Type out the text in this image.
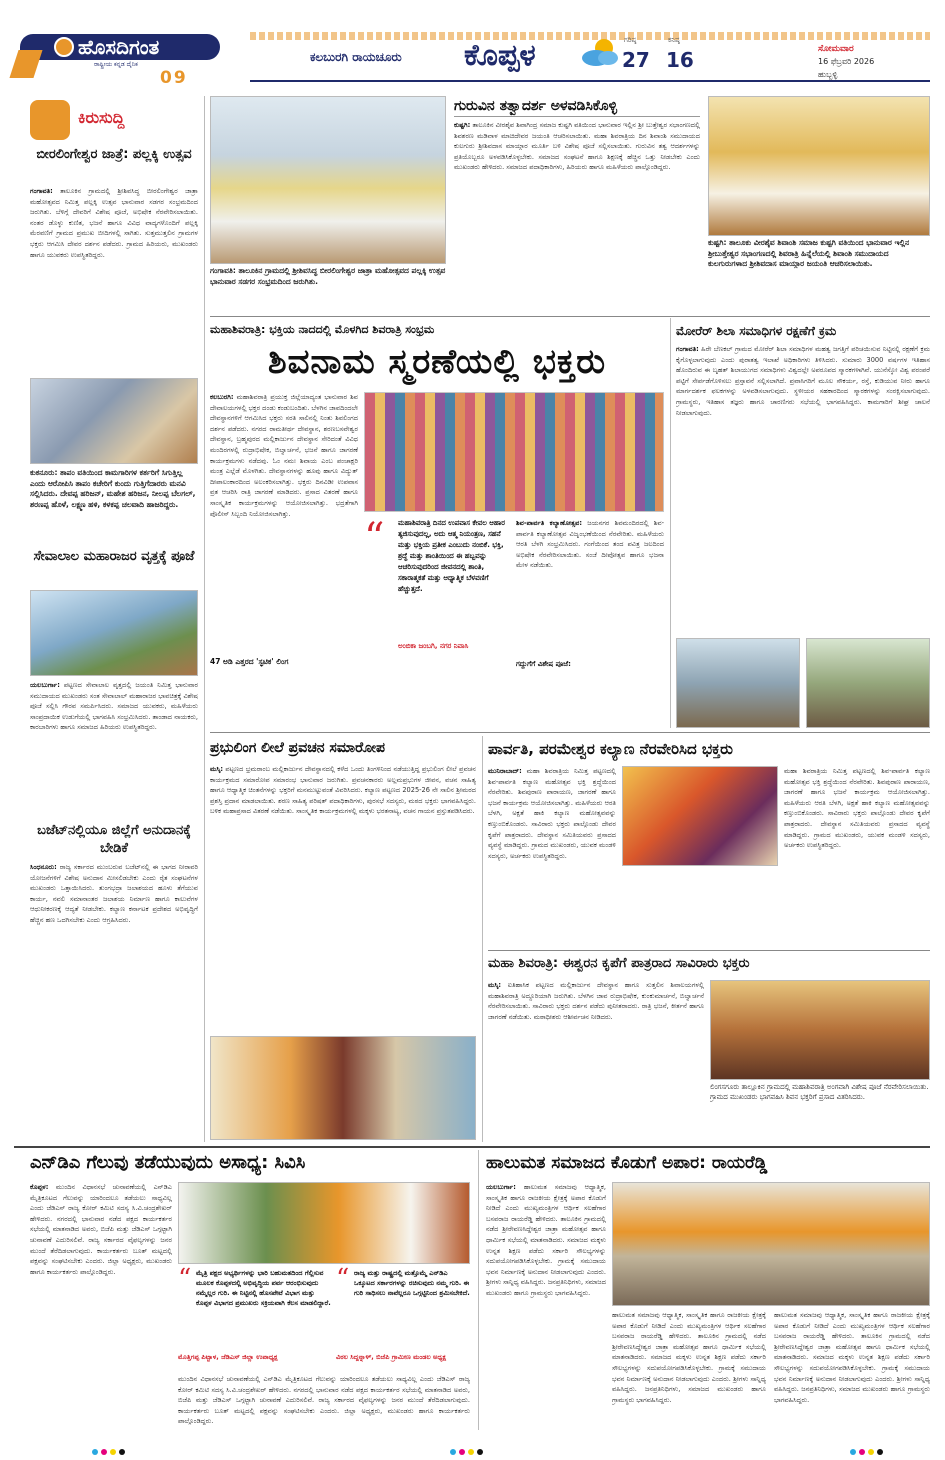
ಹೊಸದಿಗಂತ
ರಾಷ್ಟ್ರೀಯ ಕನ್ನಡ ದೈನಿಕ
09
ಕಲಬುರಗಿ ರಾಯಚೂರು	ಕೊಪ್ಪಳ	ಗರಿಷ್ಠ
27
ಕನಿಷ್ಠ
16	ಸೋಮವಾರ
16 ಫೆಬ್ರವರಿ 2026
ಹುಬ್ಬಳ್ಳಿ
ಕಿರುಸುದ್ದಿ
ಬೀರಲಿಂಗೇಶ್ವರ ಜಾತ್ರೆ: ಪಲ್ಲಕ್ಕಿ ಉತ್ಸವ
ಗಂಗಾವತಿ: ತಾಲೂಕಿನ ಗ್ರಾಮದಲ್ಲಿ ಶ್ರೀಶಿವಸಿದ್ಧ ಬೀರಲಿಂಗೇಶ್ವರ ಜಾತ್ರಾ ಮಹೋತ್ಸವದ ನಿಮಿತ್ತ ಪಲ್ಲಕ್ಕಿ ಉತ್ಸವ ಭಾನುವಾರ ಸಡಗರ ಸಂಭ್ರಮದಿಂದ ಜರುಗಿತು. ಬೆಳಿಗ್ಗೆ ದೇವರಿಗೆ ವಿಶೇಷ ಪೂಜೆ, ಅಭಿಷೇಕ ನೆರವೇರಿಸಲಾಯಿತು. ನಂತರ ಡೊಳ್ಳು ಕುಣಿತ, ಭಜನೆ ಹಾಗೂ ವಿವಿಧ ವಾದ್ಯಗಳೊಂದಿಗೆ ಪಲ್ಲಕ್ಕಿ ಮೆರವಣಿಗೆ ಗ್ರಾಮದ ಪ್ರಮುಖ ಬೀದಿಗಳಲ್ಲಿ ಸಾಗಿತು. ಸುತ್ತಮುತ್ತಲಿನ ಗ್ರಾಮಗಳ ಭಕ್ತರು ಆಗಮಿಸಿ ದೇವರ ದರ್ಶನ ಪಡೆದರು. ಗ್ರಾಮದ ಹಿರಿಯರು, ಮುಖಂಡರು ಹಾಗೂ ಯುವಕರು ಉಪಸ್ಥಿತರಿದ್ದರು.
ಕುಕನೂರು: ತಾಪಂ ವತಿಯಿಂದ ಕಾಮಗಾರಿಗಳ ಕರ್ತರಿಗೆ ಸಿಗುತ್ತಿಲ್ಲ ಎಂದು ಆರೋಪಿಸಿ ತಾಪಂ ಕಚೇರಿಗೆ ಕುಂದು ಗುತ್ತಿಗೆದಾರರು ಮನವಿ ಸಲ್ಲಿಸಿದರು. ದೇವಪ್ಪ ಹರಿಜನ್, ಮಹೇಶ ಹರಿಜನ, ನೀಲಪ್ಪ ಬೆಲಗಲ್, ಶರಣಪ್ಪ ಹೊಳೆ, ಲಕ್ಷ್ಮಣ ಹಳಿ, ಕಳಕಪ್ಪ ಚಲವಾದಿ ಹಾಜರಿದ್ದರು.
ಸೇವಾಲಾಲ ಮಹಾರಾಜರ ವೃತ್ತಕ್ಕೆ ಪೂಜೆ
ಯಲಬುರ್ಗಾ: ಪಟ್ಟಣದ ಸೇವಾಲಾಲ ವೃತ್ತದಲ್ಲಿ ಜಯಂತಿ ನಿಮಿತ್ತ ಭಾನುವಾರ ಸಮುದಾಯದ ಮುಖಂಡರು ಸಂತ ಸೇವಾಲಾಲ್ ಮಹಾರಾಜರ ಭಾವಚಿತ್ರಕ್ಕೆ ವಿಶೇಷ ಪೂಜೆ ಸಲ್ಲಿಸಿ ಗೌರವ ಸಮರ್ಪಿಸಿದರು. ಸಮಾಜದ ಯುವಕರು, ಮಹಿಳೆಯರು ಸಾಂಪ್ರದಾಯಿಕ ಉಡುಗೆಯಲ್ಲಿ ಭಾಗವಹಿಸಿ ಸಂಭ್ರಮಿಸಿದರು. ತಾಂಡಾದ ನಾಯಕರು, ಕಾರಬಾರಿಗಳು ಹಾಗೂ ಸಮಾಜದ ಹಿರಿಯರು ಉಪಸ್ಥಿತರಿದ್ದರು.
ಬಜೆಟ್‌ನಲ್ಲಿಯೂ ಜಿಲ್ಲೆಗೆ ಅನುದಾನಕ್ಕೆ ಬೇಡಿಕೆ
ಸಿಂಧನೂರು: ರಾಜ್ಯ ಸರ್ಕಾರದ ಮುಂಬರುವ ಬಜೆಟ್‌ನಲ್ಲಿ ಈ ಭಾಗದ ನೀರಾವರಿ ಯೋಜನೆಗಳಿಗೆ ವಿಶೇಷ ಅನುದಾನ ಮೀಸಲಿಡಬೇಕು ಎಂದು ರೈತ ಸಂಘಟನೆಗಳ ಮುಖಂಡರು ಒತ್ತಾಯಿಸಿದರು. ತುಂಗಭದ್ರಾ ಜಲಾಶಯದ ಹೂಳು ತೆಗೆಯುವ ಕಾರ್ಯ, ನವಲಿ ಸಮಾನಾಂತರ ಜಲಾಶಯ ನಿರ್ಮಾಣ ಹಾಗೂ ಕಾಲುವೆಗಳ ಆಧುನೀಕರಣಕ್ಕೆ ಆದ್ಯತೆ ನೀಡಬೇಕು. ಕಲ್ಯಾಣ ಕರ್ನಾಟಕ ಪ್ರದೇಶದ ಅಭಿವೃದ್ಧಿಗೆ ಹೆಚ್ಚಿನ ಹಣ ಒದಗಿಸಬೇಕು ಎಂದು ಆಗ್ರಹಿಸಿದರು.
ಗಂಗಾವತಿ: ತಾಲೂಕಿನ ಗ್ರಾಮದಲ್ಲಿ ಶ್ರೀಶಿವಸಿದ್ಧ ಬೀರಲಿಂಗೇಶ್ವರ ಜಾತ್ರಾ ಮಹೋತ್ಸವದ ಪಲ್ಲಕ್ಕಿ ಉತ್ಸವ ಭಾನುವಾರ ಸಡಗರ ಸಂಭ್ರಮದಿಂದ ಜರುಗಿತು.
ಗುರುವಿನ ತತ್ವಾದರ್ಶ ಅಳವಡಿಸಿಕೊಳ್ಳಿ
ಕುಷ್ಟಗಿ: ತಾಲೂಕಿನ ವೀರಶೈವ ಶಿವಾಗಿಂದ್ರ ಸಮಾಜ ಕುಷ್ಟಗಿ ವತಿಯಿಂದ ಭಾನುವಾರ ಇಲ್ಲಿನ ಶ್ರೀ ಬುತ್ತೇಶ್ವರ ಸಭಾಂಗಣದಲ್ಲಿ ಶಿವಶರಣ ಮಡಿವಾಳ ಮಾಚಿದೇವರ ಜಯಂತಿ ಆಚರಿಸಲಾಯಿತು. ಮಹಾ ಶಿವರಾತ್ರಿಯ ದಿನ ಶಿವಾಂಶಿ ಸಮುದಾಯದ ಕುಲಗುರು ಶ್ರೀಶಿವದಾಸ ಮಾಯ್ಗಾರ ಮೂರ್ತಿ ಬಳಿ ವಿಶೇಷ ಪೂಜೆ ಸಲ್ಲಿಸಲಾಯಿತು. ಗುರುವಿನ ತತ್ವ ಆದರ್ಶಗಳನ್ನು ಪ್ರತಿಯೊಬ್ಬರೂ ಅಳವಡಿಸಿಕೊಳ್ಳಬೇಕು. ಸಮಾಜದ ಸಂಘಟನೆ ಹಾಗೂ ಶಿಕ್ಷಣಕ್ಕೆ ಹೆಚ್ಚಿನ ಒತ್ತು ನೀಡಬೇಕು ಎಂದು ಮುಖಂಡರು ಹೇಳಿದರು. ಸಮಾಜದ ಪದಾಧಿಕಾರಿಗಳು, ಹಿರಿಯರು ಹಾಗೂ ಮಹಿಳೆಯರು ಪಾಲ್ಗೊಂಡಿದ್ದರು.
ಕುಷ್ಟಗಿ: ತಾಲೂಕು ವೀರಶೈವ ಶಿವಾಂಶಿ ಸಮಾಜ ಕುಷ್ಟಗಿ ವತಿಯಿಂದ ಭಾನುವಾರ ಇಲ್ಲಿನ ಶ್ರೀಬುತ್ತೇಶ್ವರ ಸಭಾಂಗಣದಲ್ಲಿ ಶಿವರಾತ್ರಿ ಹಿನ್ನೆಲೆಯಲ್ಲಿ ಶಿವಾಂಶಿ ಸಮುದಾಯದ ಕುಲಗುರುಗಳಾದ ಶ್ರೀಶಿವದಾಸ ಮಾಯ್ಗಾರ ಜಯಂತಿ ಆಚರಿಸಲಾಯಿತು.
ಮಹಾಶಿವರಾತ್ರಿ: ಭಕ್ತಿಯ ನಾದದಲ್ಲಿ ಮೊಳಗಿದ ಶಿವರಾತ್ರಿ ಸಂಭ್ರಮ
ಶಿವನಾಮ ಸ್ಮರಣೆಯಲ್ಲಿ ಭಕ್ತರು
ಕಲಬುರಗಿ: ಮಹಾಶಿವರಾತ್ರಿ ಪ್ರಯುಕ್ತ ಜಿಲ್ಲೆಯಾದ್ಯಂತ ಭಾನುವಾರ ಶಿವ ದೇವಾಲಯಗಳಲ್ಲಿ ಭಕ್ತರ ದಂಡು ಕಂಡುಬಂದಿತು. ಬೆಳಗಿನ ಜಾವದಿಂದಲೇ ದೇವಸ್ಥಾನಗಳಿಗೆ ಆಗಮಿಸಿದ ಭಕ್ತರು ಸರತಿ ಸಾಲಿನಲ್ಲಿ ನಿಂತು ಶಿವಲಿಂಗದ ದರ್ಶನ ಪಡೆದರು. ನಗರದ ರಾಮತೀರ್ಥ ದೇವಸ್ಥಾನ, ಶರಣಬಸವೇಶ್ವರ ದೇವಸ್ಥಾನ, ಬ್ರಹ್ಮಪುರದ ಮಲ್ಲಿಕಾರ್ಜುನ ದೇವಸ್ಥಾನ ಸೇರಿದಂತೆ ವಿವಿಧ ಮಂದಿರಗಳಲ್ಲಿ ರುದ್ರಾಭಿಷೇಕ, ಬಿಲ್ವಾರ್ಚನೆ, ಭಜನೆ ಹಾಗೂ ಜಾಗರಣೆ ಕಾರ್ಯಕ್ರಮಗಳು ನಡೆದವು. ಓಂ ನಮಃ ಶಿವಾಯ ಎಂಬ ಪಂಚಾಕ್ಷರಿ ಮಂತ್ರ ಎಲ್ಲೆಡೆ ಮೊಳಗಿತು. ದೇವಸ್ಥಾನಗಳನ್ನು ಹೂವು ಹಾಗೂ ವಿದ್ಯುತ್ ದೀಪಾಲಂಕಾರದಿಂದ ಅಲಂಕರಿಸಲಾಗಿತ್ತು. ಭಕ್ತರು ದಿನವಿಡೀ ಉಪವಾಸ ವ್ರತ ಆಚರಿಸಿ ರಾತ್ರಿ ಜಾಗರಣೆ ಮಾಡಿದರು. ಪ್ರಸಾದ ವಿತರಣೆ ಹಾಗೂ ಸಾಂಸ್ಕೃತಿಕ ಕಾರ್ಯಕ್ರಮಗಳನ್ನು ಆಯೋಜಿಸಲಾಗಿತ್ತು. ಭದ್ರತೆಗಾಗಿ ಪೊಲೀಸ್ ಸಿಬ್ಬಂದಿ ನಿಯೋಜಿಸಲಾಗಿತ್ತು.
47 ಅಡಿ ಎತ್ತರದ 'ಸ್ಫಟಿಕ' ಲಿಂಗ
“	ಮಹಾಶಿವರಾತ್ರಿ ದಿನದ ಉಪವಾಸ ಕೇವಲ ಆಹಾರ ತ್ಯಜಿಸುವುದಲ್ಲ, ಅದು ಆತ್ಮ ನಿಯಂತ್ರಣ, ಸಹನೆ ಮತ್ತು ಭಕ್ತಿಯ ಪ್ರತೀಕ ಎಂಬುದು ನಂಬಿಕೆ. ಭಕ್ತಿ, ಶ್ರದ್ಧೆ ಮತ್ತು ಶಾಂತಿಯಿಂದ ಈ ಹಬ್ಬವನ್ನು ಆಚರಿಸುವುದರಿಂದ ಜೀವನದಲ್ಲಿ ಶಾಂತಿ, ಸಕಾರಾತ್ಮಕತೆ ಮತ್ತು ಆಧ್ಯಾತ್ಮಿಕ ಬೆಳವಣಿಗೆ ಹೆಚ್ಚುತ್ತದೆ.
ಅಂಬಿಕಾ ಜಂಬಗಿ, ನಗರ ನಿವಾಸಿ
ಶಿವ-ಪಾರ್ವತಿ ಕಲ್ಯಾಣೋತ್ಸವ: ಜಯನಗರ ಶಿವಮಂದಿರದಲ್ಲಿ ಶಿವ-ಪಾರ್ವತಿ ಕಲ್ಯಾಣೋತ್ಸವ ವಿಜೃಂಭಣೆಯಿಂದ ನೆರವೇರಿತು. ಮಹಿಳೆಯರು ಆರತಿ ಬೆಳಗಿ ಸಂಭ್ರಮಿಸಿದರು. ಗಂಗೆಯಿಂದ ತಂದ ಪವಿತ್ರ ಜಲದಿಂದ ಅಭಿಷೇಕ ನೆರವೇರಿಸಲಾಯಿತು. ಸಂಜೆ ದೀಪೋತ್ಸವ ಹಾಗೂ ಭಜನಾ ಮೇಳ ನಡೆಯಿತು.
ಗದ್ದುಗೆಗೆ ವಿಶೇಷ ಪೂಜೆ:
ಮೋರೆರ್ ಶಿಲಾ ಸಮಾಧಿಗಳ ರಕ್ಷಣೆಗೆ ಕ್ರಮ
ಗಂಗಾವತಿ: ಹಿರೇ ಬೆಣಕಲ್ ಗ್ರಾಮದ ಮೋರೆರ್ ಶಿಲಾ ಸಮಾಧಿಗಳ ಮಹತ್ವ ಜಗತ್ತಿಗೆ ಪರಿಚಯಿಸುವ ನಿಟ್ಟಿನಲ್ಲಿ ರಕ್ಷಣೆಗೆ ಕ್ರಮ ಕೈಗೊಳ್ಳಲಾಗುವುದು ಎಂದು ಪುರಾತತ್ವ ಇಲಾಖೆ ಅಧಿಕಾರಿಗಳು ತಿಳಿಸಿದರು. ಸುಮಾರು 3000 ವರ್ಷಗಳ ಇತಿಹಾಸ ಹೊಂದಿರುವ ಈ ಬೃಹತ್ ಶಿಲಾಯುಗದ ಸಮಾಧಿಗಳು ವಿಶ್ವದಲ್ಲೇ ಅಪರೂಪದ ಸ್ಮಾರಕಗಳಾಗಿವೆ. ಯುನೆಸ್ಕೋ ವಿಶ್ವ ಪರಂಪರೆ ಪಟ್ಟಿಗೆ ಸೇರ್ಪಡೆಗೊಳಿಸಲು ಪ್ರಸ್ತಾವನೆ ಸಲ್ಲಿಸಲಾಗಿದೆ. ಪ್ರವಾಸಿಗರಿಗೆ ಮೂಲ ಸೌಕರ್ಯ, ರಸ್ತೆ, ಕುಡಿಯುವ ನೀರು ಹಾಗೂ ಮಾರ್ಗದರ್ಶಕ ಫಲಕಗಳನ್ನು ಅಳವಡಿಸಲಾಗುವುದು. ಸ್ಥಳೀಯರ ಸಹಕಾರದಿಂದ ಸ್ಮಾರಕಗಳನ್ನು ಸಂರಕ್ಷಿಸಲಾಗುವುದು. ಗ್ರಾಮಸ್ಥರು, ಇತಿಹಾಸ ತಜ್ಞರು ಹಾಗೂ ಚಾರಣಿಗರು ಸಭೆಯಲ್ಲಿ ಭಾಗವಹಿಸಿದ್ದರು. ಕಾಮಗಾರಿಗೆ ಶೀಘ್ರ ಚಾಲನೆ ನೀಡಲಾಗುವುದು.
ಪ್ರಭುಲಿಂಗ ಲೀಲೆ ಪ್ರವಚನ ಸಮಾರೋಪ
ಮಸ್ಕಿ: ಪಟ್ಟಣದ ಭ್ರಮರಾಂಬ ಮಲ್ಲಿಕಾರ್ಜುನ ದೇವಸ್ಥಾನದಲ್ಲಿ ಕಳೆದ ಒಂದು ತಿಂಗಳಿನಿಂದ ನಡೆಯುತ್ತಿದ್ದ ಪ್ರಭುಲಿಂಗ ಲೀಲೆ ಪ್ರವಚನ ಕಾರ್ಯಕ್ರಮದ ಸಮಾರೋಪ ಸಮಾರಂಭ ಭಾನುವಾರ ಜರುಗಿತು. ಪ್ರವಚನಕಾರರು ಅಲ್ಲಮಪ್ರಭುಗಳ ಜೀವನ, ವಚನ ಸಾಹಿತ್ಯ ಹಾಗೂ ಆಧ್ಯಾತ್ಮಿಕ ಚಿಂತನೆಗಳನ್ನು ಭಕ್ತರಿಗೆ ಮನಮುಟ್ಟುವಂತೆ ವಿವರಿಸಿದರು. ಕಲ್ಯಾಣ ಪಟ್ಟಣದ 2025-26 ನೇ ಸಾಲಿನ ಶ್ರೀಮಠದ ಪ್ರಶಸ್ತಿ ಪ್ರದಾನ ಮಾಡಲಾಯಿತು. ಶರಣ ಸಾಹಿತ್ಯ ಪರಿಷತ್ ಪದಾಧಿಕಾರಿಗಳು, ಪುರಸಭೆ ಸದಸ್ಯರು, ಮಠದ ಭಕ್ತರು ಭಾಗವಹಿಸಿದ್ದರು. ಬಳಿಕ ಮಹಾಪ್ರಸಾದ ವಿತರಣೆ ನಡೆಯಿತು. ಸಾಂಸ್ಕೃತಿಕ ಕಾರ್ಯಕ್ರಮಗಳಲ್ಲಿ ಮಕ್ಕಳು ಭರತನಾಟ್ಯ, ವಚನ ಗಾಯನ ಪ್ರಸ್ತುತಪಡಿಸಿದರು.
ಪಾರ್ವತಿ, ಪರಮೇಶ್ವರ ಕಲ್ಯಾಣ ನೆರವೇರಿಸಿದ ಭಕ್ತರು
ಮುನಿರಾಬಾದ್: ಮಹಾ ಶಿವರಾತ್ರಿಯ ನಿಮಿತ್ತ ಪಟ್ಟಣದಲ್ಲಿ ಶಿವ-ಪಾರ್ವತಿ ಕಲ್ಯಾಣ ಮಹೋತ್ಸವ ಭಕ್ತಿ ಶ್ರದ್ಧೆಯಿಂದ ನೆರವೇರಿತು. ಶಿವಪುರಾಣ ಪಾರಾಯಣ, ಜಾಗರಣೆ ಹಾಗೂ ಭಜನೆ ಕಾರ್ಯಕ್ರಮ ಆಯೋಜಿಸಲಾಗಿತ್ತು. ಮಹಿಳೆಯರು ಆರತಿ ಬೆಳಗಿ, ಅಕ್ಷತೆ ಹಾಕಿ ಕಲ್ಯಾಣ ಮಹೋತ್ಸವವನ್ನು ಕಣ್ತುಂಬಿಕೊಂಡರು. ಸಾವಿರಾರು ಭಕ್ತರು ಪಾಲ್ಗೊಂಡು ದೇವರ ಕೃಪೆಗೆ ಪಾತ್ರರಾದರು. ದೇವಸ್ಥಾನ ಸಮಿತಿಯವರು ಪ್ರಸಾದದ ವ್ಯವಸ್ಥೆ ಮಾಡಿದ್ದರು. ಗ್ರಾಮದ ಮುಖಂಡರು, ಯುವಕ ಮಂಡಳಿ ಸದಸ್ಯರು, ಅರ್ಚಕರು ಉಪಸ್ಥಿತರಿದ್ದರು.
ಮಹಾ ಶಿವರಾತ್ರಿಯ ನಿಮಿತ್ತ ಪಟ್ಟಣದಲ್ಲಿ ಶಿವ-ಪಾರ್ವತಿ ಕಲ್ಯಾಣ ಮಹೋತ್ಸವ ಭಕ್ತಿ ಶ್ರದ್ಧೆಯಿಂದ ನೆರವೇರಿತು. ಶಿವಪುರಾಣ ಪಾರಾಯಣ, ಜಾಗರಣೆ ಹಾಗೂ ಭಜನೆ ಕಾರ್ಯಕ್ರಮ ಆಯೋಜಿಸಲಾಗಿತ್ತು. ಮಹಿಳೆಯರು ಆರತಿ ಬೆಳಗಿ, ಅಕ್ಷತೆ ಹಾಕಿ ಕಲ್ಯಾಣ ಮಹೋತ್ಸವವನ್ನು ಕಣ್ತುಂಬಿಕೊಂಡರು. ಸಾವಿರಾರು ಭಕ್ತರು ಪಾಲ್ಗೊಂಡು ದೇವರ ಕೃಪೆಗೆ ಪಾತ್ರರಾದರು. ದೇವಸ್ಥಾನ ಸಮಿತಿಯವರು ಪ್ರಸಾದದ ವ್ಯವಸ್ಥೆ ಮಾಡಿದ್ದರು. ಗ್ರಾಮದ ಮುಖಂಡರು, ಯುವಕ ಮಂಡಳಿ ಸದಸ್ಯರು, ಅರ್ಚಕರು ಉಪಸ್ಥಿತರಿದ್ದರು.
ಮಹಾ ಶಿವರಾತ್ರಿ: ಈಶ್ವರನ ಕೃಪೆಗೆ ಪಾತ್ರರಾದ ಸಾವಿರಾರು ಭಕ್ತರು
ಮಸ್ಕಿ: ಐತಿಹಾಸಿಕ ಪಟ್ಟಣದ ಮಲ್ಲಿಕಾರ್ಜುನ ದೇವಸ್ಥಾನ ಹಾಗೂ ಸುತ್ತಲಿನ ಶಿವಾಲಯಗಳಲ್ಲಿ ಮಹಾಶಿವರಾತ್ರಿ ಅದ್ದೂರಿಯಾಗಿ ಜರುಗಿತು. ಬೆಳಗಿನ ಜಾವ ರುದ್ರಾಭಿಷೇಕ, ಕುಂಕುಮಾರ್ಚನೆ, ಬಿಲ್ವಾರ್ಚನೆ ನೆರವೇರಿಸಲಾಯಿತು. ಸಾವಿರಾರು ಭಕ್ತರು ದರ್ಶನ ಪಡೆದು ಪುನೀತರಾದರು. ರಾತ್ರಿ ಭಜನೆ, ಕೀರ್ತನೆ ಹಾಗೂ ಜಾಗರಣೆ ನಡೆಯಿತು. ಮಠಾಧೀಶರು ಆಶೀರ್ವಚನ ನೀಡಿದರು.
ಲಿಂಗಸಗೂರು ತಾಲ್ಲೂಕಿನ ಗ್ರಾಮದಲ್ಲಿ ಮಹಾಶಿವರಾತ್ರಿ ಅಂಗವಾಗಿ ವಿಶೇಷ ಪೂಜೆ ನೆರವೇರಿಸಲಾಯಿತು. ಗ್ರಾಮದ ಮುಖಂಡರು ಭಾಗವಹಿಸಿ ಶಿವನ ಭಕ್ತರಿಗೆ ಪ್ರಸಾದ ವಿತರಿಸಿದರು.
ಎನ್‌ಡಿಎ ಗೆಲುವು ತಡೆಯುವುದು ಅಸಾಧ್ಯ: ಸಿವಿಸಿ
ಕೊಪ್ಪಳ: ಮುಂದಿನ ವಿಧಾನಸಭೆ ಚುನಾವಣೆಯಲ್ಲಿ ಎನ್‌ಡಿಎ ಮೈತ್ರಿಕೂಟದ ಗೆಲುವನ್ನು ಯಾರಿಂದಲೂ ತಡೆಯಲು ಸಾಧ್ಯವಿಲ್ಲ ಎಂದು ಜೆಡಿಎಸ್ ರಾಜ್ಯ ಕೋರ್ ಕಮಿಟಿ ಸದಸ್ಯ ಸಿ.ವಿ.ಚಂದ್ರಶೇಖರ್ ಹೇಳಿದರು. ನಗರದಲ್ಲಿ ಭಾನುವಾರ ನಡೆದ ಪಕ್ಷದ ಕಾರ್ಯಕರ್ತರ ಸಭೆಯಲ್ಲಿ ಮಾತನಾಡಿದ ಅವರು, ಬಿಜೆಪಿ ಮತ್ತು ಜೆಡಿಎಸ್ ಒಗ್ಗಟ್ಟಾಗಿ ಚುನಾವಣೆ ಎದುರಿಸಲಿವೆ. ರಾಜ್ಯ ಸರ್ಕಾರದ ವೈಫಲ್ಯಗಳನ್ನು ಜನರ ಮುಂದೆ ತೆರೆದಿಡಲಾಗುವುದು. ಕಾರ್ಯಕರ್ತರು ಬೂತ್ ಮಟ್ಟದಲ್ಲಿ ಪಕ್ಷವನ್ನು ಸಂಘಟಿಸಬೇಕು ಎಂದರು. ಜಿಲ್ಲಾ ಅಧ್ಯಕ್ಷರು, ಮುಖಂಡರು ಹಾಗೂ ಕಾರ್ಯಕರ್ತರು ಪಾಲ್ಗೊಂಡಿದ್ದರು.	“ ಮೈತ್ರಿ ಪಕ್ಷದ ಅಭ್ಯರ್ಥಿಗಳನ್ನು ಭಾರಿ ಬಹುಮತದಿಂದ ಗೆಲ್ಲಿಸುವ ಮೂಲಕ ಕೊಪ್ಪಳದಲ್ಲಿ ಅಭಿವೃದ್ಧಿಯ ಪರ್ವ ಆರಂಭಿಸುವುದು ನಮ್ಮೆಲ್ಲರ ಗುರಿ. ಈ ನಿಟ್ಟಿನಲ್ಲಿ ಹೊಸಪೇಟೆ ವಿಭಾಗ ಮತ್ತು ಕೊಪ್ಪಳ ವಿಭಾಗದ ಪ್ರಮುಖರು ಸಕ್ರಿಯವಾಗಿ ಕೆಲಸ ಮಾಡಲಿದ್ದಾರೆ.
ಮೊತ್ತಿಗಪ್ಪ ಪಿಟ್ಟಾಳ, ಜೆಡಿಎಸ್ ಜಿಲ್ಲಾ ಉಪಾಧ್ಯಕ್ಷ
“ ರಾಜ್ಯ ಮತ್ತು ರಾಷ್ಟ್ರದಲ್ಲಿ ಮತ್ತೊಮ್ಮೆ ಎನ್‌ಡಿಎ ಒಕ್ಕೂಟದ ಸರ್ಕಾರಗಳನ್ನು ರಚಿಸುವುದು ನಮ್ಮ ಗುರಿ. ಈ ಗುರಿ ಸಾಧಿಸಲು ನಾವೆಲ್ಲರೂ ಒಗ್ಗಟ್ಟಿನಿಂದ ಶ್ರಮಿಸಬೇಕಿದೆ.
ವಿಠಲ ಸಿದ್ದನ್ನಾಳ್, ಬಿಜೆಪಿ ಗ್ರಾಮೀಣ ಮಂಡಲ ಅಧ್ಯಕ್ಷ
ಮುಂದಿನ ವಿಧಾನಸಭೆ ಚುನಾವಣೆಯಲ್ಲಿ ಎನ್‌ಡಿಎ ಮೈತ್ರಿಕೂಟದ ಗೆಲುವನ್ನು ಯಾರಿಂದಲೂ ತಡೆಯಲು ಸಾಧ್ಯವಿಲ್ಲ ಎಂದು ಜೆಡಿಎಸ್ ರಾಜ್ಯ ಕೋರ್ ಕಮಿಟಿ ಸದಸ್ಯ ಸಿ.ವಿ.ಚಂದ್ರಶೇಖರ್ ಹೇಳಿದರು. ನಗರದಲ್ಲಿ ಭಾನುವಾರ ನಡೆದ ಪಕ್ಷದ ಕಾರ್ಯಕರ್ತರ ಸಭೆಯಲ್ಲಿ ಮಾತನಾಡಿದ ಅವರು, ಬಿಜೆಪಿ ಮತ್ತು ಜೆಡಿಎಸ್ ಒಗ್ಗಟ್ಟಾಗಿ ಚುನಾವಣೆ ಎದುರಿಸಲಿವೆ. ರಾಜ್ಯ ಸರ್ಕಾರದ ವೈಫಲ್ಯಗಳನ್ನು ಜನರ ಮುಂದೆ ತೆರೆದಿಡಲಾಗುವುದು. ಕಾರ್ಯಕರ್ತರು ಬೂತ್ ಮಟ್ಟದಲ್ಲಿ ಪಕ್ಷವನ್ನು ಸಂಘಟಿಸಬೇಕು ಎಂದರು. ಜಿಲ್ಲಾ ಅಧ್ಯಕ್ಷರು, ಮುಖಂಡರು ಹಾಗೂ ಕಾರ್ಯಕರ್ತರು ಪಾಲ್ಗೊಂಡಿದ್ದರು.
ಹಾಲುಮತ ಸಮಾಜದ ಕೊಡುಗೆ ಅಪಾರ: ರಾಯರೆಡ್ಡಿ
ಯಲಬುರ್ಗಾ: ಹಾಲುಮತ ಸಮಾಜವು ಆಧ್ಯಾತ್ಮಿಕ, ಸಾಂಸ್ಕೃತಿಕ ಹಾಗೂ ರಾಜಕೀಯ ಕ್ಷೇತ್ರಕ್ಕೆ ಅಪಾರ ಕೊಡುಗೆ ನೀಡಿದೆ ಎಂದು ಮುಖ್ಯಮಂತ್ರಿಗಳ ಆರ್ಥಿಕ ಸಲಹೆಗಾರ ಬಸವರಾಜ ರಾಯರೆಡ್ಡಿ ಹೇಳಿದರು. ತಾಲೂಕಿನ ಗ್ರಾಮದಲ್ಲಿ ನಡೆದ ಶ್ರೀರೇವಣಸಿದ್ದೇಶ್ವರ ಜಾತ್ರಾ ಮಹೋತ್ಸವ ಹಾಗೂ ಧಾರ್ಮಿಕ ಸಭೆಯಲ್ಲಿ ಮಾತನಾಡಿದರು. ಸಮಾಜದ ಮಕ್ಕಳು ಉನ್ನತ ಶಿಕ್ಷಣ ಪಡೆದು ಸರ್ಕಾರಿ ಸೌಲಭ್ಯಗಳನ್ನು ಸದುಪಯೋಗಪಡಿಸಿಕೊಳ್ಳಬೇಕು. ಗ್ರಾಮಕ್ಕೆ ಸಮುದಾಯ ಭವನ ನಿರ್ಮಾಣಕ್ಕೆ ಅನುದಾನ ನೀಡಲಾಗುವುದು ಎಂದರು. ಶ್ರೀಗಳು ಸಾನ್ನಿಧ್ಯ ವಹಿಸಿದ್ದರು. ಜನಪ್ರತಿನಿಧಿಗಳು, ಸಮಾಜದ ಮುಖಂಡರು ಹಾಗೂ ಗ್ರಾಮಸ್ಥರು ಭಾಗವಹಿಸಿದ್ದರು.
ಹಾಲುಮತ ಸಮಾಜವು ಆಧ್ಯಾತ್ಮಿಕ, ಸಾಂಸ್ಕೃತಿಕ ಹಾಗೂ ರಾಜಕೀಯ ಕ್ಷೇತ್ರಕ್ಕೆ ಅಪಾರ ಕೊಡುಗೆ ನೀಡಿದೆ ಎಂದು ಮುಖ್ಯಮಂತ್ರಿಗಳ ಆರ್ಥಿಕ ಸಲಹೆಗಾರ ಬಸವರಾಜ ರಾಯರೆಡ್ಡಿ ಹೇಳಿದರು. ತಾಲೂಕಿನ ಗ್ರಾಮದಲ್ಲಿ ನಡೆದ ಶ್ರೀರೇವಣಸಿದ್ದೇಶ್ವರ ಜಾತ್ರಾ ಮಹೋತ್ಸವ ಹಾಗೂ ಧಾರ್ಮಿಕ ಸಭೆಯಲ್ಲಿ ಮಾತನಾಡಿದರು. ಸಮಾಜದ ಮಕ್ಕಳು ಉನ್ನತ ಶಿಕ್ಷಣ ಪಡೆದು ಸರ್ಕಾರಿ ಸೌಲಭ್ಯಗಳನ್ನು ಸದುಪಯೋಗಪಡಿಸಿಕೊಳ್ಳಬೇಕು. ಗ್ರಾಮಕ್ಕೆ ಸಮುದಾಯ ಭವನ ನಿರ್ಮಾಣಕ್ಕೆ ಅನುದಾನ ನೀಡಲಾಗುವುದು ಎಂದರು. ಶ್ರೀಗಳು ಸಾನ್ನಿಧ್ಯ ವಹಿಸಿದ್ದರು. ಜನಪ್ರತಿನಿಧಿಗಳು, ಸಮಾಜದ ಮುಖಂಡರು ಹಾಗೂ ಗ್ರಾಮಸ್ಥರು ಭಾಗವಹಿಸಿದ್ದರು.
ಹಾಲುಮತ ಸಮಾಜವು ಆಧ್ಯಾತ್ಮಿಕ, ಸಾಂಸ್ಕೃತಿಕ ಹಾಗೂ ರಾಜಕೀಯ ಕ್ಷೇತ್ರಕ್ಕೆ ಅಪಾರ ಕೊಡುಗೆ ನೀಡಿದೆ ಎಂದು ಮುಖ್ಯಮಂತ್ರಿಗಳ ಆರ್ಥಿಕ ಸಲಹೆಗಾರ ಬಸವರಾಜ ರಾಯರೆಡ್ಡಿ ಹೇಳಿದರು. ತಾಲೂಕಿನ ಗ್ರಾಮದಲ್ಲಿ ನಡೆದ ಶ್ರೀರೇವಣಸಿದ್ದೇಶ್ವರ ಜಾತ್ರಾ ಮಹೋತ್ಸವ ಹಾಗೂ ಧಾರ್ಮಿಕ ಸಭೆಯಲ್ಲಿ ಮಾತನಾಡಿದರು. ಸಮಾಜದ ಮಕ್ಕಳು ಉನ್ನತ ಶಿಕ್ಷಣ ಪಡೆದು ಸರ್ಕಾರಿ ಸೌಲಭ್ಯಗಳನ್ನು ಸದುಪಯೋಗಪಡಿಸಿಕೊಳ್ಳಬೇಕು. ಗ್ರಾಮಕ್ಕೆ ಸಮುದಾಯ ಭವನ ನಿರ್ಮಾಣಕ್ಕೆ ಅನುದಾನ ನೀಡಲಾಗುವುದು ಎಂದರು. ಶ್ರೀಗಳು ಸಾನ್ನಿಧ್ಯ ವಹಿಸಿದ್ದರು. ಜನಪ್ರತಿನಿಧಿಗಳು, ಸಮಾಜದ ಮುಖಂಡರು ಹಾಗೂ ಗ್ರಾಮಸ್ಥರು ಭಾಗವಹಿಸಿದ್ದರು.
